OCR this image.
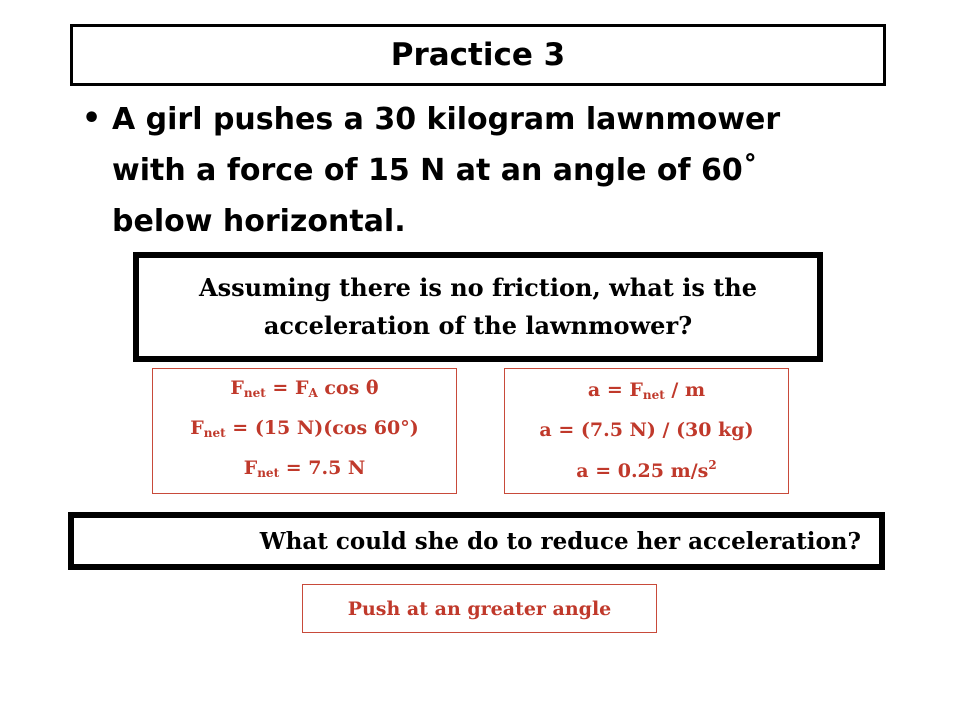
Practice 3
• A girl pushes a 30 kilogram lawnmower with a force of 15 N at an angle of 60˚ below horizontal.
Assuming there is no friction, what is the acceleration of the lawnmower?
$F_{net} = F_A$ cos θ
$F_{net} = (15$ N)(cos 60°)
$F_{net} = 7.5$ N
$a = F_{net} / m$
a = (7.5 N) / (30 kg)
a = 0.25 $m/s^2$
What could she do to reduce her acceleration?
Push at an greater angle
